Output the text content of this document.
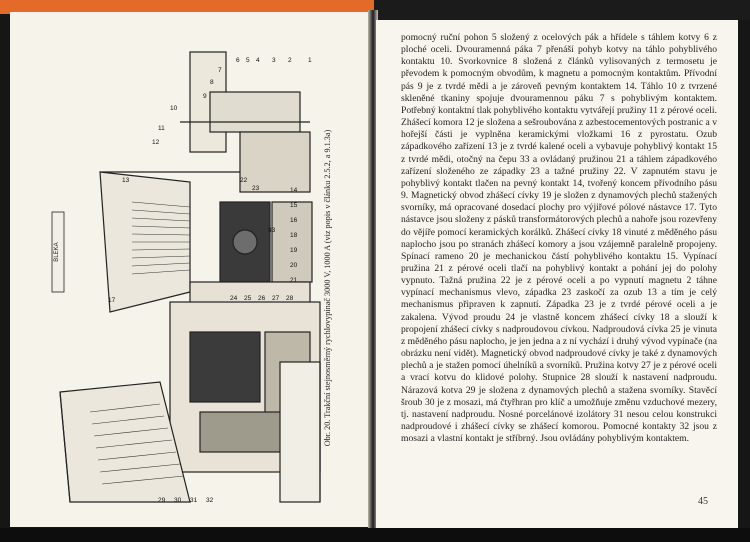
BLEKA
1
2
3
4
5
6
7
8
9
10
11
12
13
14
15
16
17
18
19
20
21
22
23
24 25 26 27 28
29 30 31 32
33	Obr. 20. Trakční stejnosměrný rychlovypínač 3000 V, 1000 A (viz popis v článku 2.5.2, a 9.1.3a)

pomocný ruční pohon 5 složený z ocelových pák a hřídele s táhlem kotvy 6 z ploché oceli. Dvouramenná páka 7 přenáší pohyb kotvy na táhlo pohyblivého kontaktu 10. Svorkovnice 8 složená z článků vylisovaných z termosetu je převodem k pomocným obvodům, k magnetu a pomocným kontaktům. Přívodní pás 9 je z tvrdé mědi a je zároveň pevným kontaktem 14. Táhlo 10 z tvrzené skleněné tkaniny spojuje dvouramennou páku 7 s pohyblivým kontaktem. Potřebný kontaktní tlak pohyblivého kontaktu vytvářejí pružiny 11 z pérové oceli. Zhášecí komora 12 je složena a sešroubována z azbestocementových postranic a v hořejší části je vyplněna keramickými vložkami 16 z pyrostatu. Ozub západkového zařízení 13 je z tvrdé kalené oceli a vybavuje pohyblivý kontakt 15 z tvrdé mědi, otočný na čepu 33 a ovládaný pružinou 21 a táhlem západkového zařízení složeného ze západky 23 a tažné pružiny 22. V zapnutém stavu je pohyblivý kontakt tlačen na pevný kontakt 14, tvořený koncem přívodního pásu 9. Magnetický obvod zhášecí cívky 19 je složen z dynamových plechů stažených svorníky, má opracované dosedací plochy pro výjiřové pólové nástavce 17. Tyto nástavce jsou složeny z pásků transformátorových plechů a nahoře jsou rozevřeny do vějíře pomocí keramických korálků. Zhášecí cívky 18 vinuté z měděného pásu naplocho jsou po stranách zhášecí komory a jsou vzájemně paralelně propojeny. Spínací rameno 20 je mechanickou částí pohyblivého kontaktu 15. Vypínací pružina 21 z pérové oceli tlačí na pohyblivý kontakt a pohání jej do polohy vypnuto. Tažná pružina 22 je z pérové oceli a po vypnutí magnetu 2 táhne vypínací mechanismus vlevo, západka 23 zaskočí za ozub 13 a tím je celý mechanismus připraven k zapnutí. Západka 23 je z tvrdé pérové oceli a je zakalena. Vývod proudu 24 je vlastně koncem zhášecí cívky 18 a slouží k propojení zhášecí cívky s nadproudovou cívkou. Nadproudová cívka 25 je vinuta z měděného pásu naplocho, je jen jedna a z ní vychází i druhý vývod vypínače (na obrázku není vidět). Magnetický obvod nadproudové cívky je také z dynamových plechů a je stažen pomocí úhelníků a svorníků. Pružina kotvy 27 je z pérové oceli a vrací kotvu do klidové polohy. Stupnice 28 slouží k nastavení nadproudu. Nárazová kotva 29 je složena z dynamových plechů a stažena svorníky. Stavěcí šroub 30 je z mosazi, má čtyřhran pro klíč a umožňuje změnu vzduchové mezery, tj. nastavení nadproudu. Nosné porcelánové izolátory 31 nesou celou konstrukci nadproudové i zhášecí cívky se zhášecí komorou. Pomocné kontakty 32 jsou z mosazi a vlastní kontakt je stříbrný. Jsou ovládány pohyblivým kontaktem.

45
